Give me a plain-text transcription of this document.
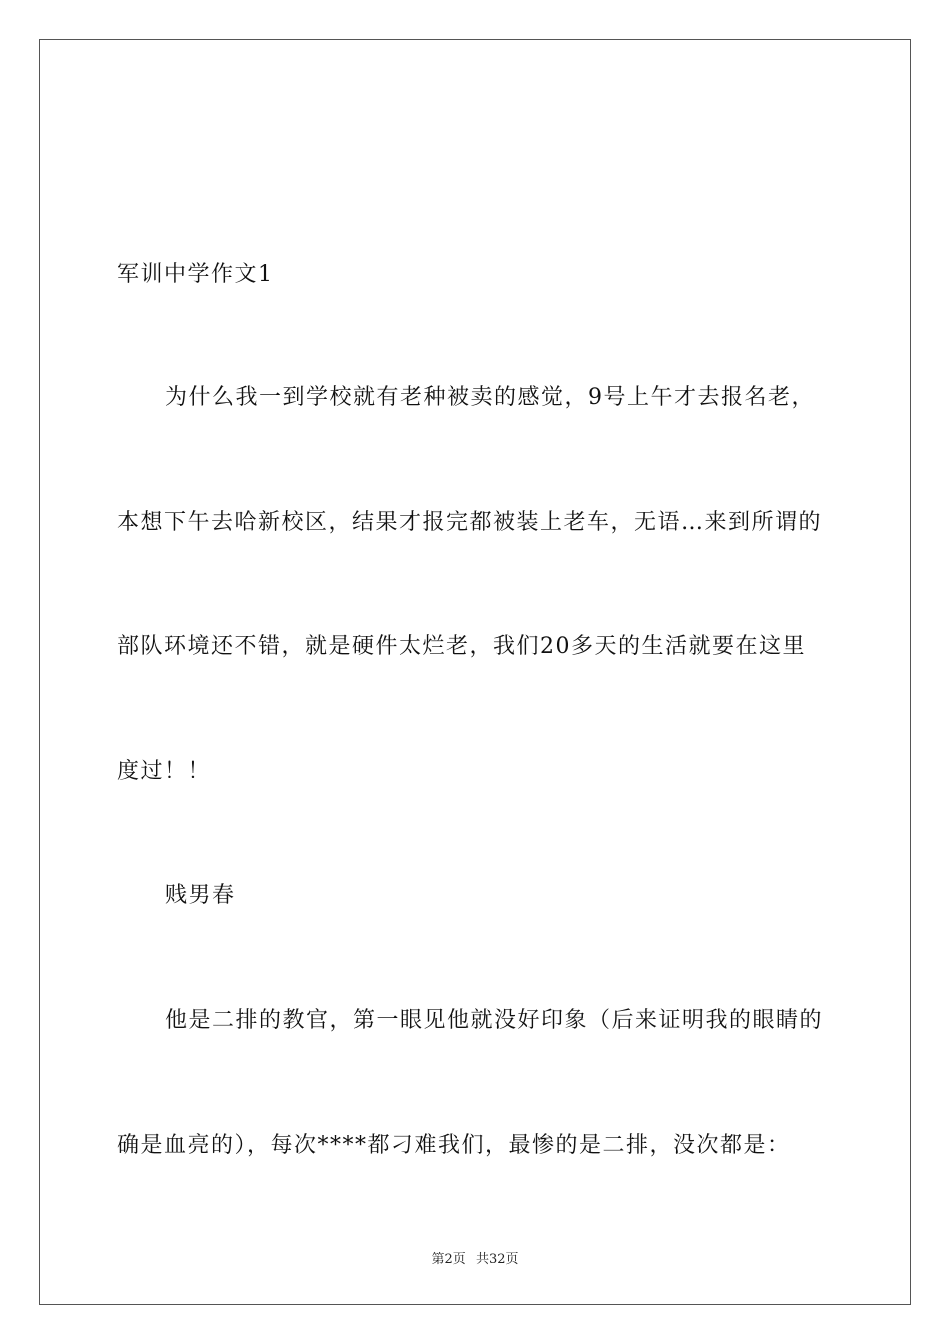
军训中学作文1
为什么我一到学校就有老种被卖的感觉，9号上午才去报名老，
本想下午去哈新校区，结果才报完都被装上老车，无语…来到所谓的
部队环境还不错，就是硬件太烂老，我们20多天的生活就要在这里
度过！！
贱男春
他是二排的教官，第一眼见他就没好印象（后来证明我的眼睛的
确是血亮的），每次****都刁难我们，最惨的是二排，没次都是：
第2页 共32页
